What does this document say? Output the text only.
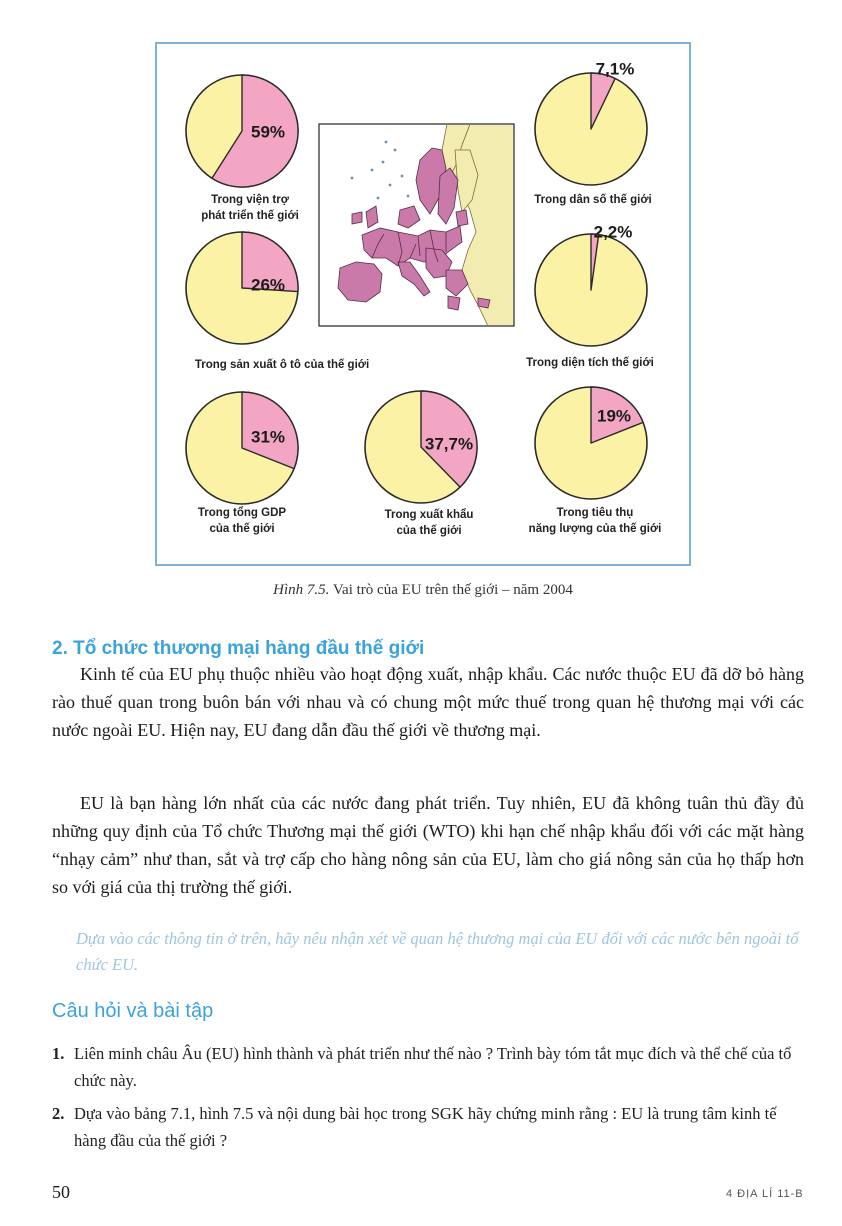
59%
7,1%
26%
2,2%
31%	37,7%
19%
Trong viện trợ
phát triển thế giới
Trong dân số thế giới
Trong sản xuất ô tô của thế giới	Trong diện tích thế giới
Trong tổng GDP
của thế giới
Trong xuất khẩu
của thế giới
Trong tiêu thụ
năng lượng của thế giới
Hình 7.5. Vai trò của EU trên thế giới – năm 2004
2. Tổ chức thương mại hàng đầu thế giới

Kinh tế của EU phụ thuộc nhiều vào hoạt động xuất, nhập khẩu. Các nước thuộc EU đã dỡ bỏ hàng rào thuế quan trong buôn bán với nhau và có chung một mức thuế trong quan hệ thương mại với các nước ngoài EU. Hiện nay, EU đang dẫn đầu thế giới về thương mại.

EU là bạn hàng lớn nhất của các nước đang phát triển. Tuy nhiên, EU đã không tuân thủ đầy đủ những quy định của Tổ chức Thương mại thế giới (WTO) khi hạn chế nhập khẩu đối với các mặt hàng “nhạy cảm” như than, sắt và trợ cấp cho hàng nông sản của EU, làm cho giá nông sản của họ thấp hơn so với giá của thị trường thế giới.

Dựa vào các thông tin ở trên, hãy nêu nhận xét về quan hệ thương mại của EU đối với các nước bên ngoài tổ chức EU.

Câu hỏi và bài tập
1. Liên minh châu Âu (EU) hình thành và phát triển như thế nào ? Trình bày tóm tắt mục đích và thể chế của tổ chức này.
2. Dựa vào bảng 7.1, hình 7.5 và nội dung bài học trong SGK hãy chứng minh rằng : EU là trung tâm kinh tế hàng đầu của thế giới ?
50	4 ĐỊA LÍ 11-B
